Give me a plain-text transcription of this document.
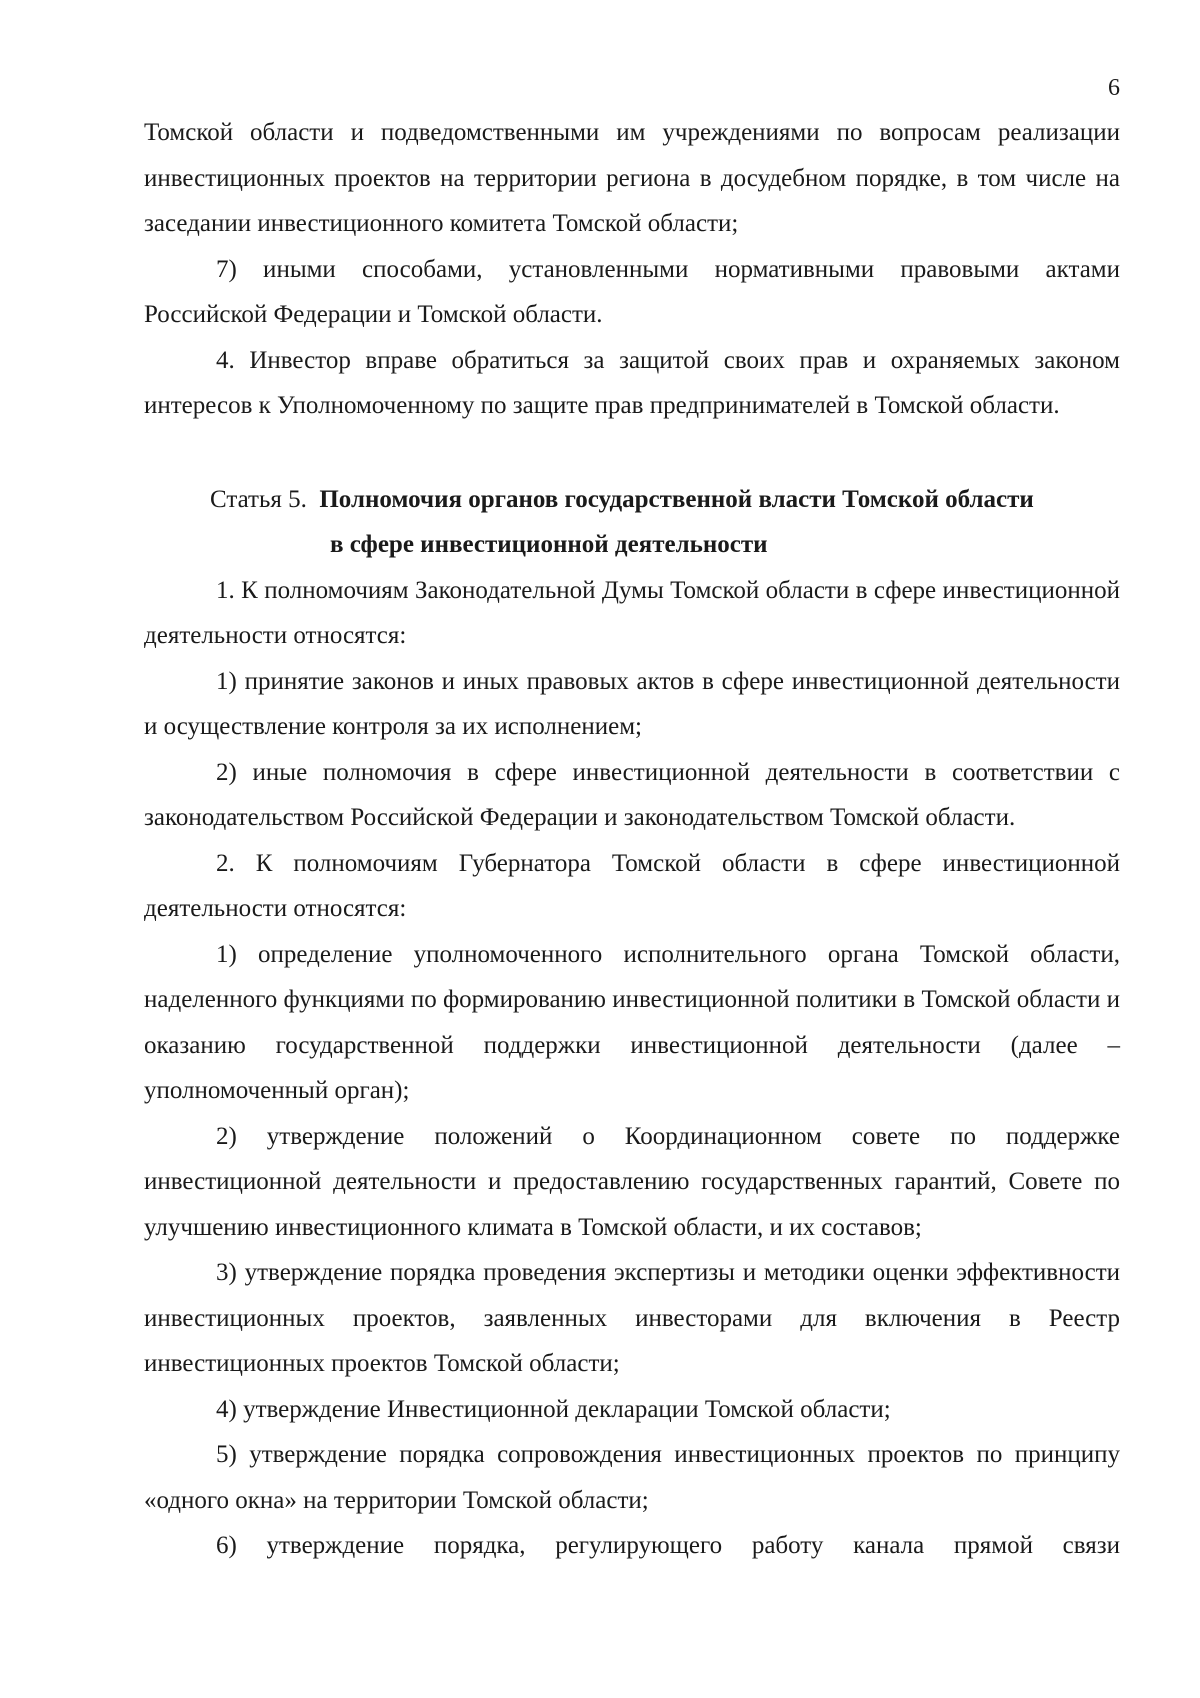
6

Томской области и подведомственными им учреждениями по вопросам реализации инвестиционных проектов на территории региона в досудебном порядке, в том числе на заседании инвестиционного комитета Томской области;

7) иными способами, установленными нормативными правовыми актами Российской Федерации и Томской области.

4. Инвестор вправе обратиться за защитой своих прав и охраняемых законом интересов к Уполномоченному по защите прав предпринимателей в Томской области.

Статья 5. Полномочия органов государственной власти Томской области
в сфере инвестиционной деятельности

1. К полномочиям Законодательной Думы Томской области в сфере инвестиционной деятельности относятся:

1) принятие законов и иных правовых актов в сфере инвестиционной деятельности и осуществление контроля за их исполнением;

2) иные полномочия в сфере инвестиционной деятельности в соответствии с законодательством Российской Федерации и законодательством Томской области.

2. К полномочиям Губернатора Томской области в сфере инвестиционной деятельности относятся:

1) определение уполномоченного исполнительного органа Томской области, наделенного функциями по формированию инвестиционной политики в Томской области и оказанию государственной поддержки инвестиционной деятельности (далее – уполномоченный орган);

2) утверждение положений о Координационном совете по поддержке инвестиционной деятельности и предоставлению государственных гарантий, Совете по улучшению инвестиционного климата в Томской области, и их составов;

3) утверждение порядка проведения экспертизы и методики оценки эффективности инвестиционных проектов, заявленных инвесторами для включения в Реестр инвестиционных проектов Томской области;

4) утверждение Инвестиционной декларации Томской области;

5) утверждение порядка сопровождения инвестиционных проектов по принципу «одного окна» на территории Томской области;

6) утверждение порядка, регулирующего работу канала прямой связи
